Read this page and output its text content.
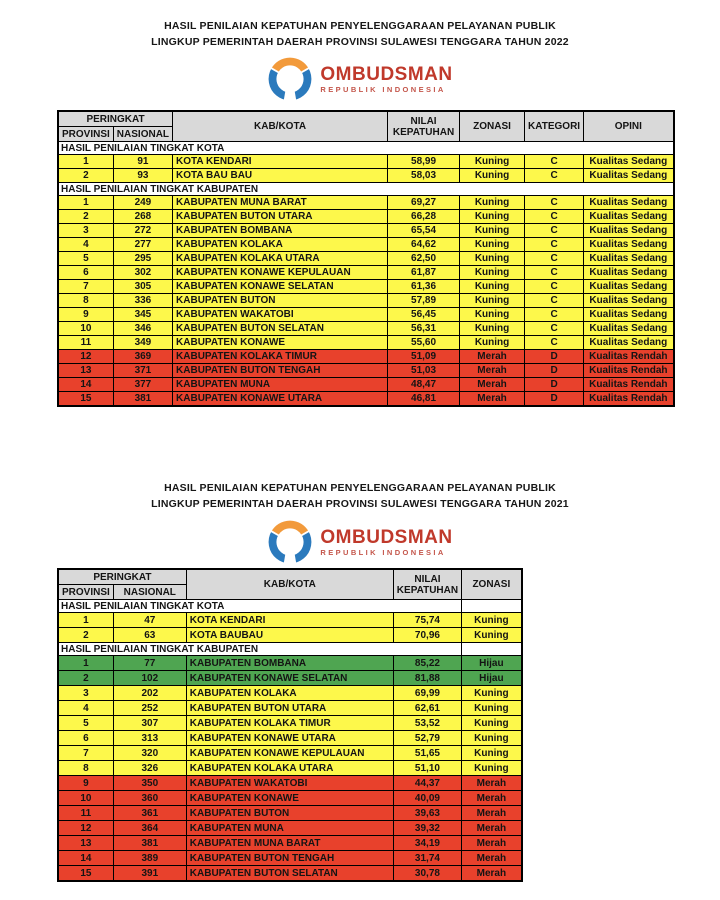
HASIL PENILAIAN KEPATUHAN PENYELENGGARAAN PELAYANAN PUBLIK
LINGKUP PEMERINTAH DAERAH PROVINSI SULAWESI TENGGARA TAHUN 2022
OMBUDSMAN
REPUBLIK INDONESIA
PERINGKAT		KAB/KOTA	NILAI KEPATUHAN	ZONASI	KATEGORI	OPINI
PROVINSI	NASIONAL					
HASIL PENILAIAN TINGKAT KOTA						
1	91	KOTA KENDARI	58,99	Kuning	C	Kualitas Sedang
2	93	KOTA BAU BAU	58,03	Kuning	C	Kualitas Sedang
HASIL PENILAIAN TINGKAT KABUPATEN						
1	249	KABUPATEN MUNA BARAT	69,27	Kuning	C	Kualitas Sedang
2	268	KABUPATEN BUTON UTARA	66,28	Kuning	C	Kualitas Sedang
3	272	KABUPATEN BOMBANA	65,54	Kuning	C	Kualitas Sedang
4	277	KABUPATEN KOLAKA	64,62	Kuning	C	Kualitas Sedang
5	295	KABUPATEN KOLAKA UTARA	62,50	Kuning	C	Kualitas Sedang
6	302	KABUPATEN KONAWE KEPULAUAN	61,87	Kuning	C	Kualitas Sedang
7	305	KABUPATEN KONAWE SELATAN	61,36	Kuning	C	Kualitas Sedang
8	336	KABUPATEN BUTON	57,89	Kuning	C	Kualitas Sedang
9	345	KABUPATEN WAKATOBI	56,45	Kuning	C	Kualitas Sedang
10	346	KABUPATEN BUTON SELATAN	56,31	Kuning	C	Kualitas Sedang
11	349	KABUPATEN KONAWE	55,60	Kuning	C	Kualitas Sedang
12	369	KABUPATEN KOLAKA TIMUR	51,09	Merah	D	Kualitas Rendah
13	371	KABUPATEN BUTON TENGAH	51,03	Merah	D	Kualitas Rendah
14	377	KABUPATEN MUNA	48,47	Merah	D	Kualitas Rendah
15	381	KABUPATEN KONAWE UTARA	46,81	Merah	D	Kualitas Rendah
HASIL PENILAIAN KEPATUHAN PENYELENGGARAAN PELAYANAN PUBLIK
LINGKUP PEMERINTAH DAERAH PROVINSI SULAWESI TENGGARA TAHUN 2021
OMBUDSMAN
REPUBLIK INDONESIA
PERINGKAT		KAB/KOTA	NILAI KEPATUHAN	ZONASI
PROVINSI	NASIONAL			
HASIL PENILAIAN TINGKAT KOTA				
1	47	KOTA KENDARI	75,74	Kuning
2	63	KOTA BAUBAU	70,96	Kuning
HASIL PENILAIAN TINGKAT KABUPATEN				
1	77	KABUPATEN BOMBANA	85,22	Hijau
2	102	KABUPATEN KONAWE SELATAN	81,88	Hijau
3	202	KABUPATEN KOLAKA	69,99	Kuning
4	252	KABUPATEN BUTON UTARA	62,61	Kuning
5	307	KABUPATEN KOLAKA TIMUR	53,52	Kuning
6	313	KABUPATEN KONAWE UTARA	52,79	Kuning
7	320	KABUPATEN KONAWE KEPULAUAN	51,65	Kuning
8	326	KABUPATEN KOLAKA UTARA	51,10	Kuning
9	350	KABUPATEN WAKATOBI	44,37	Merah
10	360	KABUPATEN KONAWE	40,09	Merah
11	361	KABUPATEN BUTON	39,63	Merah
12	364	KABUPATEN MUNA	39,32	Merah
13	381	KABUPATEN MUNA BARAT	34,19	Merah
14	389	KABUPATEN BUTON TENGAH	31,74	Merah
15	391	KABUPATEN BUTON SELATAN	30,78	Merah
